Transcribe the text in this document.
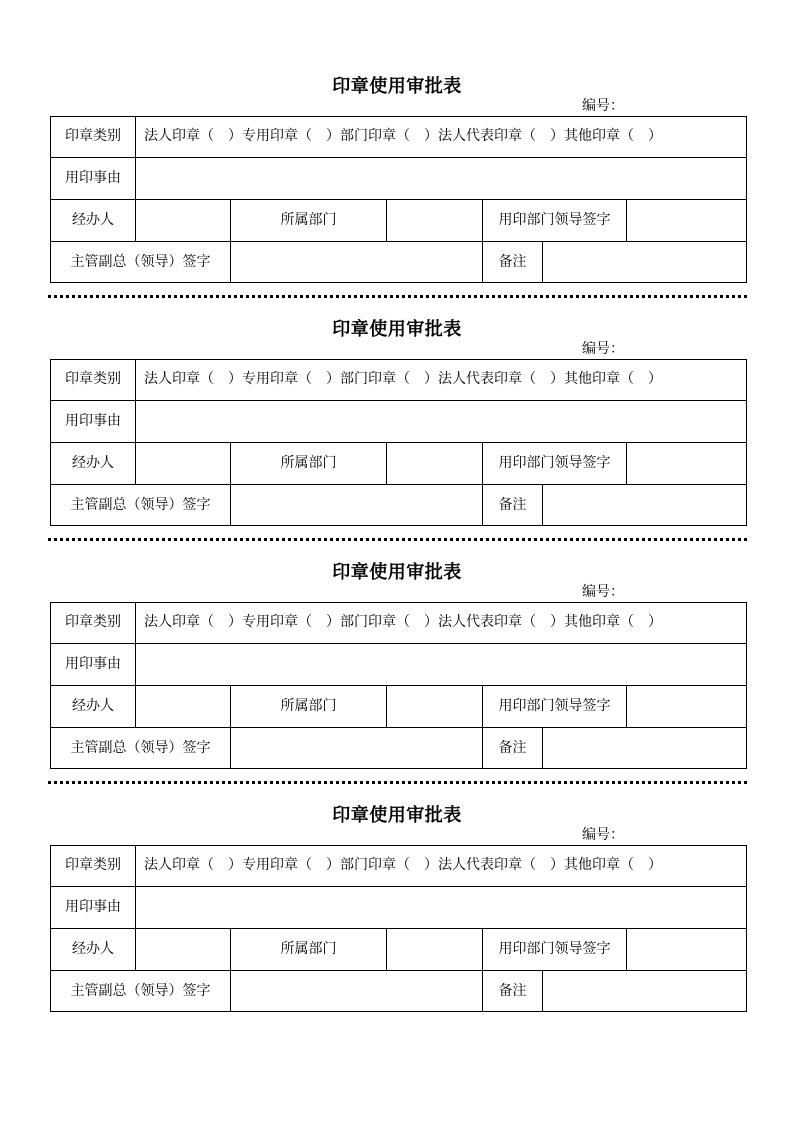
印章使用审批表
编号：
印章类别	法人印章（　）专用印章（　）部门印章（　）法人代表印章（　）其他印章（　）
用印事由
经办人	所属部门	用印部门领导签字
主管副总（领导）签字	备注
印章使用审批表
编号：
印章类别	法人印章（　）专用印章（　）部门印章（　）法人代表印章（　）其他印章（　）
用印事由
经办人	所属部门	用印部门领导签字
主管副总（领导）签字	备注
印章使用审批表
编号：
印章类别	法人印章（　）专用印章（　）部门印章（　）法人代表印章（　）其他印章（　）
用印事由
经办人	所属部门	用印部门领导签字
主管副总（领导）签字	备注
印章使用审批表
编号：
印章类别	法人印章（　）专用印章（　）部门印章（　）法人代表印章（　）其他印章（　）
用印事由
经办人	所属部门	用印部门领导签字
主管副总（领导）签字	备注
